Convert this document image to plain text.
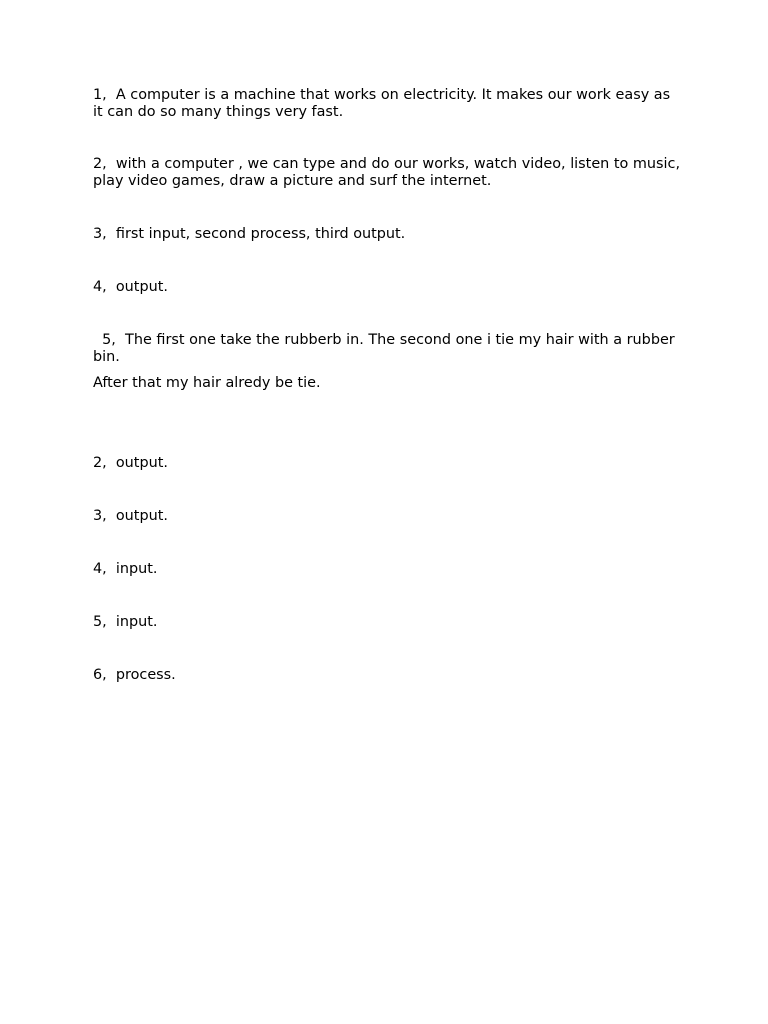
1,  A computer is a machine that works on electricity. It makes our work easy as it can do so many things very fast.

2,  with a computer , we can type and do our works, watch video, listen to music, play video games, draw a picture and surf the internet.

3,  first input, second process, third output.

4,  output.

5,  The first one take the rubberb in. The second one i tie my hair with a rubber bin.

After that my hair alredy be tie.

2,  output.

3,  output.

4,  input.

5,  input.

6,  process.
